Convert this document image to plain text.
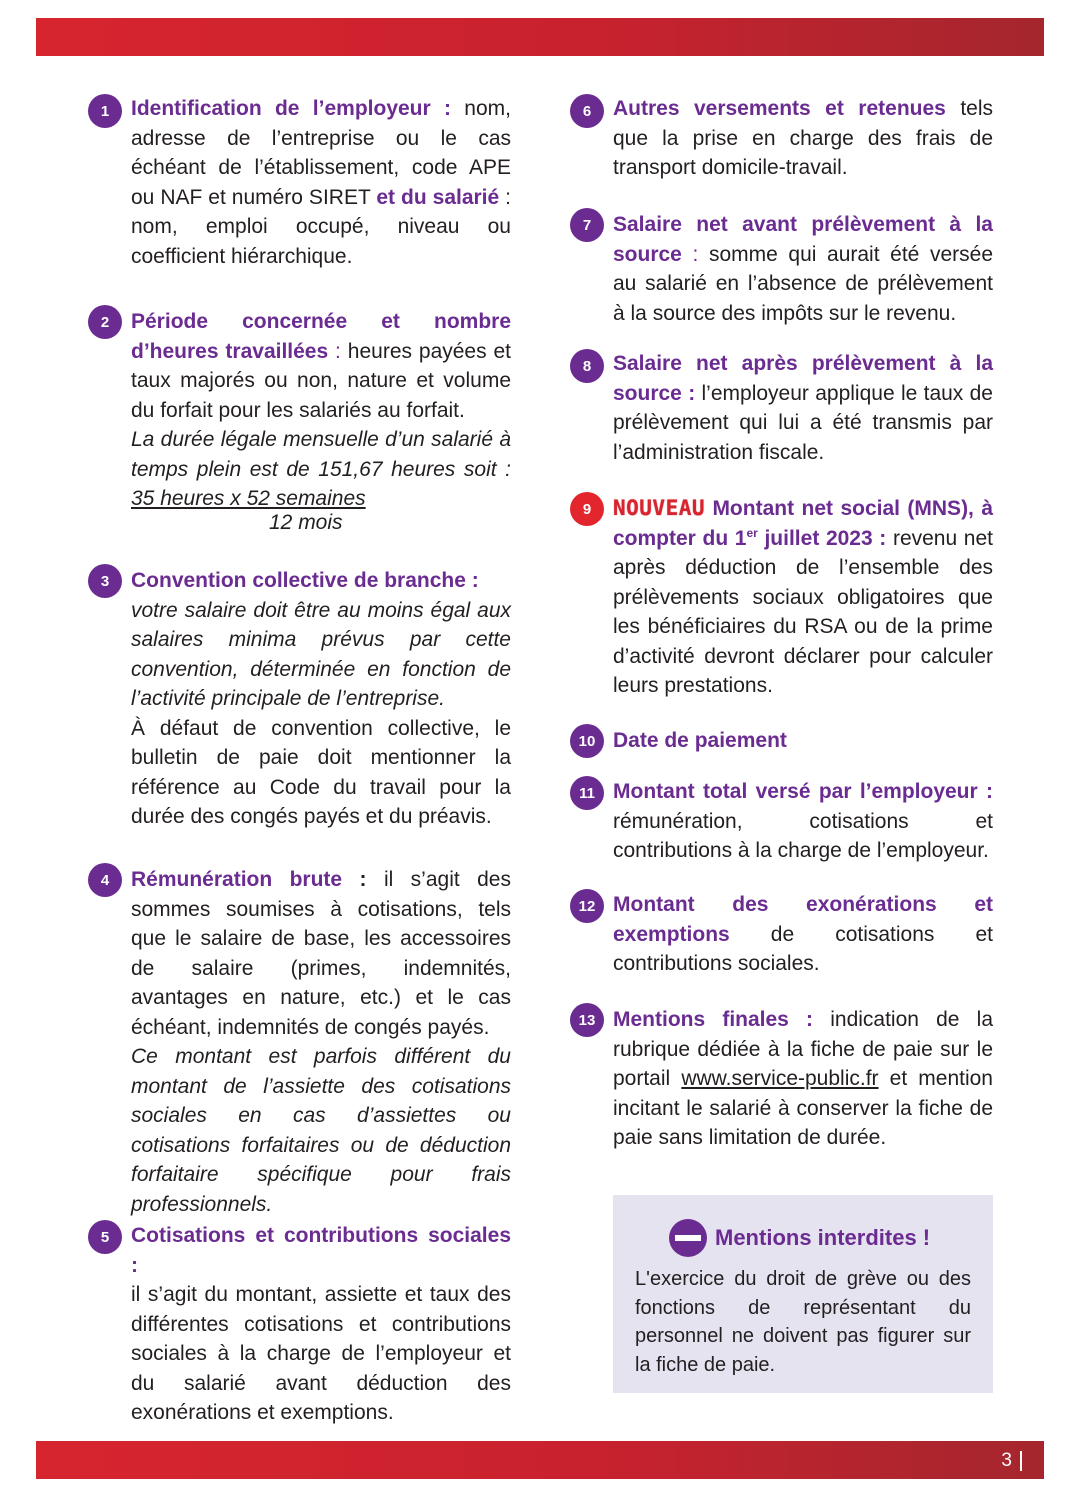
1	Identification de l’employeur : nom, adresse de l’entreprise ou le cas échéant de l’établissement, code APE ou NAF et numéro SIRET et du salarié : nom, emploi occupé, niveau ou coefficient hiérarchique.
2	Période concernée et nombre d’heures travaillées : heures payées et taux majorés ou non, nature et volume du forfait pour les salariés au forfait.
La durée légale mensuelle d’un salarié à temps plein est de 151,67 heures soit : 35 heures x 52 semaines
12 mois
3	Convention collective de branche :
votre salaire doit être au moins égal aux salaires minima prévus par cette convention, déterminée en fonction de l’activité principale de l’entreprise.
À défaut de convention collective, le bulletin de paie doit mentionner la référence au Code du travail pour la durée des congés payés et du préavis.
4	Rémunération brute : il s’agit des sommes soumises à cotisations, tels que le salaire de base, les accessoires de salaire (primes, indemnités, avantages en nature, etc.) et le cas échéant, indemnités de congés payés.
Ce montant est parfois différent du montant de l’assiette des cotisations sociales en cas d’assiettes ou cotisations forfaitaires ou de déduction forfaitaire spécifique pour frais professionnels.
5	Cotisations et contributions sociales :
il s’agit du montant, assiette et taux des différentes cotisations et contributions sociales à la charge de l’employeur et du salarié avant déduction des exonérations et exemptions.
6	Autres versements et retenues tels que la prise en charge des frais de transport domicile-travail.
7	Salaire net avant prélèvement à la source : somme qui aurait été versée au salarié en l’absence de prélèvement à la source des impôts sur le revenu.
8	Salaire net après prélèvement à la source : l’employeur applique le taux de prélèvement qui lui a été transmis par l’administration fiscale.
9	NOUVEAU Montant net social (MNS), à compter du 1er juillet 2023 : revenu net après déduction de l’ensemble des prélèvements sociaux obligatoires que les bénéficiaires du RSA ou de la prime d’activité devront déclarer pour calculer leurs prestations.
10 Date de paiement
11 Montant total versé par l’employeur : rémunération, cotisations et contributions à la charge de l’employeur.
12 Montant des exonérations et exemptions de cotisations et contributions sociales.
13 Mentions finales : indication de la rubrique dédiée à la fiche de paie sur le portail www.service-public.fr et mention incitant le salarié à conserver la fiche de paie sans limitation de durée.
Mentions interdites !
L'exercice du droit de grève ou des fonctions de représentant du personnel ne doivent pas figurer sur la fiche de paie.
3
